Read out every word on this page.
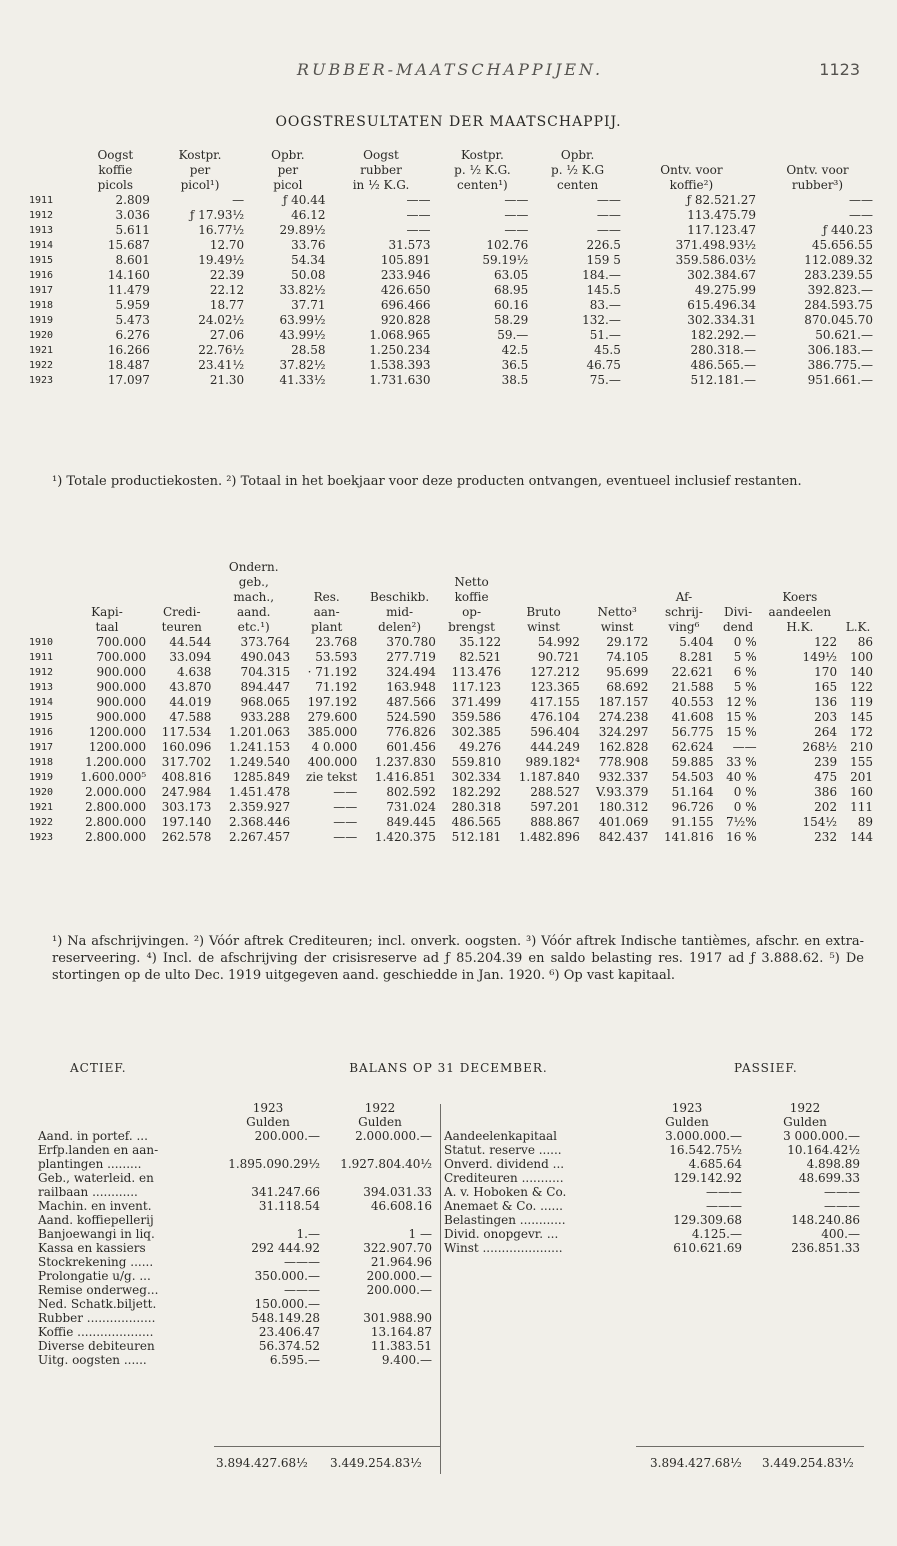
RUBBER-MAATSCHAPPIJEN.	1123
OOGSTRESULTATEN DER MAATSCHAPPIJ.
	Oogst	Kostpr.	Opbr.	Oogst	Kostpr.	Opbr.		
	koffie	per	per	rubber	p. ½ K.G.	p. ½ K.G	Ontv. voor	Ontv. voor
	picols	picol¹)	picol	in ½ K.G.	centen¹)	centen	koffie²)	rubber³)
1911	2.809	—	ƒ 40.44	——	——	——	ƒ 82.521.27	——
1912	3.036	ƒ 17.93½	46.12	——	——	——	113.475.79	——
1913	5.611	16.77½	29.89½	——	——	——	117.123.47	ƒ 440.23
1914	15.687	12.70	33.76	31.573	102.76	226.5	371.498.93½	45.656.55
1915	8.601	19.49½	54.34	105.891	59.19½	159 5	359.586.03½	112.089.32
1916	14.160	22.39	50.08	233.946	63.05	184.—	302.384.67	283.239.55
1917	11.479	22.12	33.82½	426.650	68.95	145.5	49.275.99	392.823.—
1918	5.959	18.77	37.71	696.466	60.16	83.—	615.496.34	284.593.75
1919	5.473	24.02½	63.99½	920.828	58.29	132.—	302.334.31	870.045.70
1920	6.276	27.06	43.99½	1.068.965	59.—	51.—	182.292.—	50.621.—
1921	16.266	22.76½	28.58	1.250.234	42.5	45.5	280.318.—	306.183.—
1922	18.487	23.41½	37.82½	1.538.393	36.5	46.75	486.565.—	386.775.—
1923	17.097	21.30	41.33½	1.731.630	38.5	75.—	512.181.—	951.661.—
¹) Totale productiekosten. ²) Totaal in het boekjaar voor deze producten ontvangen, eventueel inclusief restanten.
			Ondern.									
			geb.,			Netto						
			mach.,	Res.	Beschikb.	koffie			Af-		Koers	
	Kapi-	Credi-	aand.	aan-	mid-	op-	Bruto	Netto³	schrij-	Divi-	aandeelen	
	taal	teuren	etc.¹)	plant	delen²)	brengst	winst	winst	ving⁶	dend	H.K.	L.K.
1910	700.000	44.544	373.764	23.768	370.780	35.122	54.992	29.172	5.404	0 %	122	86
1911	700.000	33.094	490.043	53.593	277.719	82.521	90.721	74.105	8.281	5 %	149½	100
1912	900.000	4.638	704.315	· 71.192	324.494	113.476	127.212	95.699	22.621	6 %	170	140
1913	900.000	43.870	894.447	71.192	163.948	117.123	123.365	68.692	21.588	5 %	165	122
1914	900.000	44.019	968.065	197.192	487.566	371.499	417.155	187.157	40.553	12 %	136	119
1915	900.000	47.588	933.288	279.600	524.590	359.586	476.104	274.238	41.608	15 %	203	145
1916	1200.000	117.534	1.201.063	385.000	776.826	302.385	596.404	324.297	56.775	15 %	264	172
1917	1200.000	160.096	1.241.153	4 0.000	601.456	49.276	444.249	162.828	62.624	——	268½	210
1918	1.200.000	317.702	1.249.540	400.000	1.237.830	559.810	989.182⁴	778.908	59.885	33 %	239	155
1919	1.600.000⁵	408.816	1285.849	zie tekst	1.416.851	302.334	1.187.840	932.337	54.503	40 %	475	201
1920	2.000.000	247.984	1.451.478	——	802.592	182.292	288.527	V.93.379	51.164	0 %	386	160
1921	2.800.000	303.173	2.359.927	——	731.024	280.318	597.201	180.312	96.726	0 %	202	111
1922	2.800.000	197.140	2.368.446	——	849.445	486.565	888.867	401.069	91.155	7½%	154½	89
1923	2.800.000	262.578	2.267.457	——	1.420.375	512.181	1.482.896	842.437	141.816	16 %	232	144
¹) Na afschrijvingen. ²) Vóór aftrek Crediteuren; incl. onverk. oogsten. ³) Vóór aftrek Indische tantièmes, afschr. en extra-reserveering. ⁴) Incl. de afschrijving der crisisreserve ad ƒ 85.204.39 en saldo belasting res. 1917 ad ƒ 3.888.62. ⁵) De stortingen op de ulto Dec. 1919 uitgegeven aand. geschiedde in Jan. 1920. ⁶) Op vast kapitaal.
ACTIEF.	BALANS OP 31 DECEMBER.	PASSIEF.
	1923	1922
	Gulden	Gulden
Aand. in portef. ...	200.000.—	2.000.000.—
Erfp.landen en aan-		
plantingen .........	1.895.090.29½	1.927.804.40½
Geb., waterleid. en		
railbaan ............	341.247.66	394.031.33
Machin. en invent.	31.118.54	46.608.16
Aand. koffiepellerij		
Banjoewangi in liq.	1.—	1 —
Kassa en kassiers	292 444.92	322.907.70
Stockrekening ......	———	21.964.96
Prolongatie u/g. ...	350.000.—	200.000.—
Remise onderweg...	———	200.000.—
Ned. Schatk.biljett.	150.000.—	
Rubber ..................	548.149.28	301.988.90
Koffie ....................	23.406.47	13.164.87
Diverse debiteuren	56.374.52	11.383.51
Uitg. oogsten ......	6.595.—	9.400.—
	1923	1922
	Gulden	Gulden
Aandeelenkapitaal	3.000.000.—	3 000.000.—
Statut. reserve ......	16.542.75½	10.164.42½
Onverd. dividend ...	4.685.64	4.898.89
Crediteuren ...........	129.142.92	48.699.33
A. v. Hoboken & Co.	———	———
Anemaet & Co. ......	———	———
Belastingen ............	129.309.68	148.240.86
Divid. onopgevr. ...	4.125.—	400.—
Winst .....................	610.621.69	236.851.33
3.894.427.68½ 3.449.254.83½	3.894.427.68½ 3.449.254.83½
